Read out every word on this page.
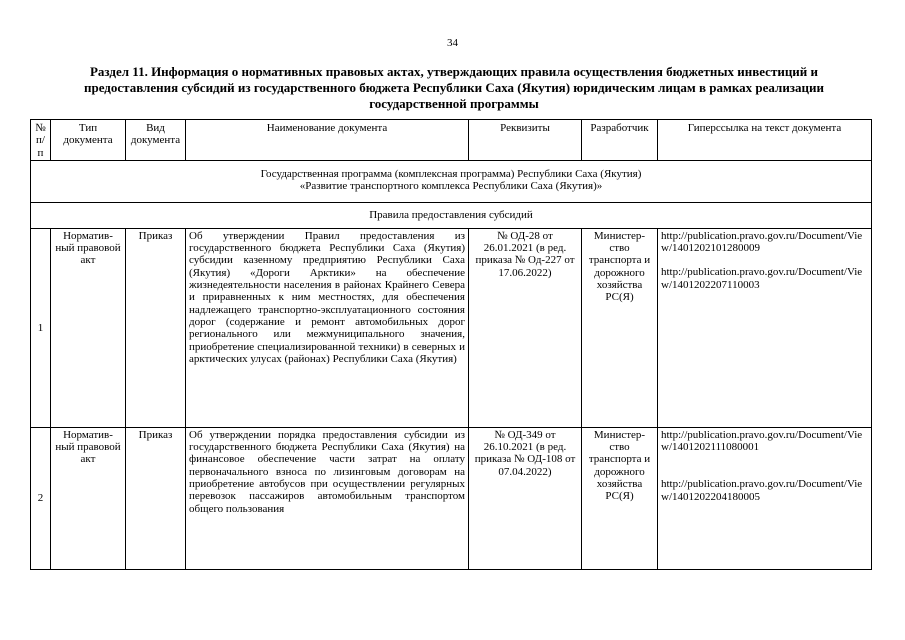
34
Раздел 11. Информация о нормативных правовых актах, утверждающих правила осуществления бюджетных инвестиций и предоставления субсидий из государственного бюджета Республики Саха (Якутия) юридическим лицам в рамках реализации государственной программы
№ п/п	Тип документа	Вид документа	Наименование документа	Реквизиты	Разработчик	Гиперссылка на текст документа

Государственная программа (комплексная программа) Республики Саха (Якутия)
«Развитие транспортного комплекса Республики Саха (Якутия)»						

Правила предоставления субсидий						
1	Норматив-ный правовой акт	Приказ	Об утверждении Правил предоставления из государственного бюджета Республики Саха (Якутия) субсидии казенному предприятию Республики Саха (Якутия) «Дороги Арктики» на обеспечение жизнедеятельности населения в районах Крайнего Севера и приравненных к ним местностях, для обеспечения надлежащего транспортно-эксплуатационного состояния дорог (содержание и ремонт автомобильных дорог регионального или межмуниципального значения, приобретение специализированной техники) в северных и арктических улусах (районах) Республики Саха (Якутия)	№ ОД-28 от 26.01.2021 (в ред. приказа № Од-227 от 17.06.2022)	Министер-ство транспорта и дорожного хозяйства РС(Я)	http://publication.pravo.gov.ru/Document/View/1401202101280009
http://publication.pravo.gov.ru/Document/View/1401202207110003

2	Норматив-ный правовой акт	Приказ	Об утверждении порядка предоставления субсидии из государственного бюджета Республики Саха (Якутия) на финансовое обеспечение части затрат на оплату первоначального взноса по лизинговым договорам на приобретение автобусов при осуществлении регулярных перевозок пассажиров автомобильным транспортом общего пользования	№ ОД-349 от 26.10.2021 (в ред. приказа № ОД-108 от 07.04.2022)	Министер-ство транспорта и дорожного хозяйства РС(Я)	http://publication.pravo.gov.ru/Document/View/1401202111080001
http://publication.pravo.gov.ru/Document/View/1401202204180005
